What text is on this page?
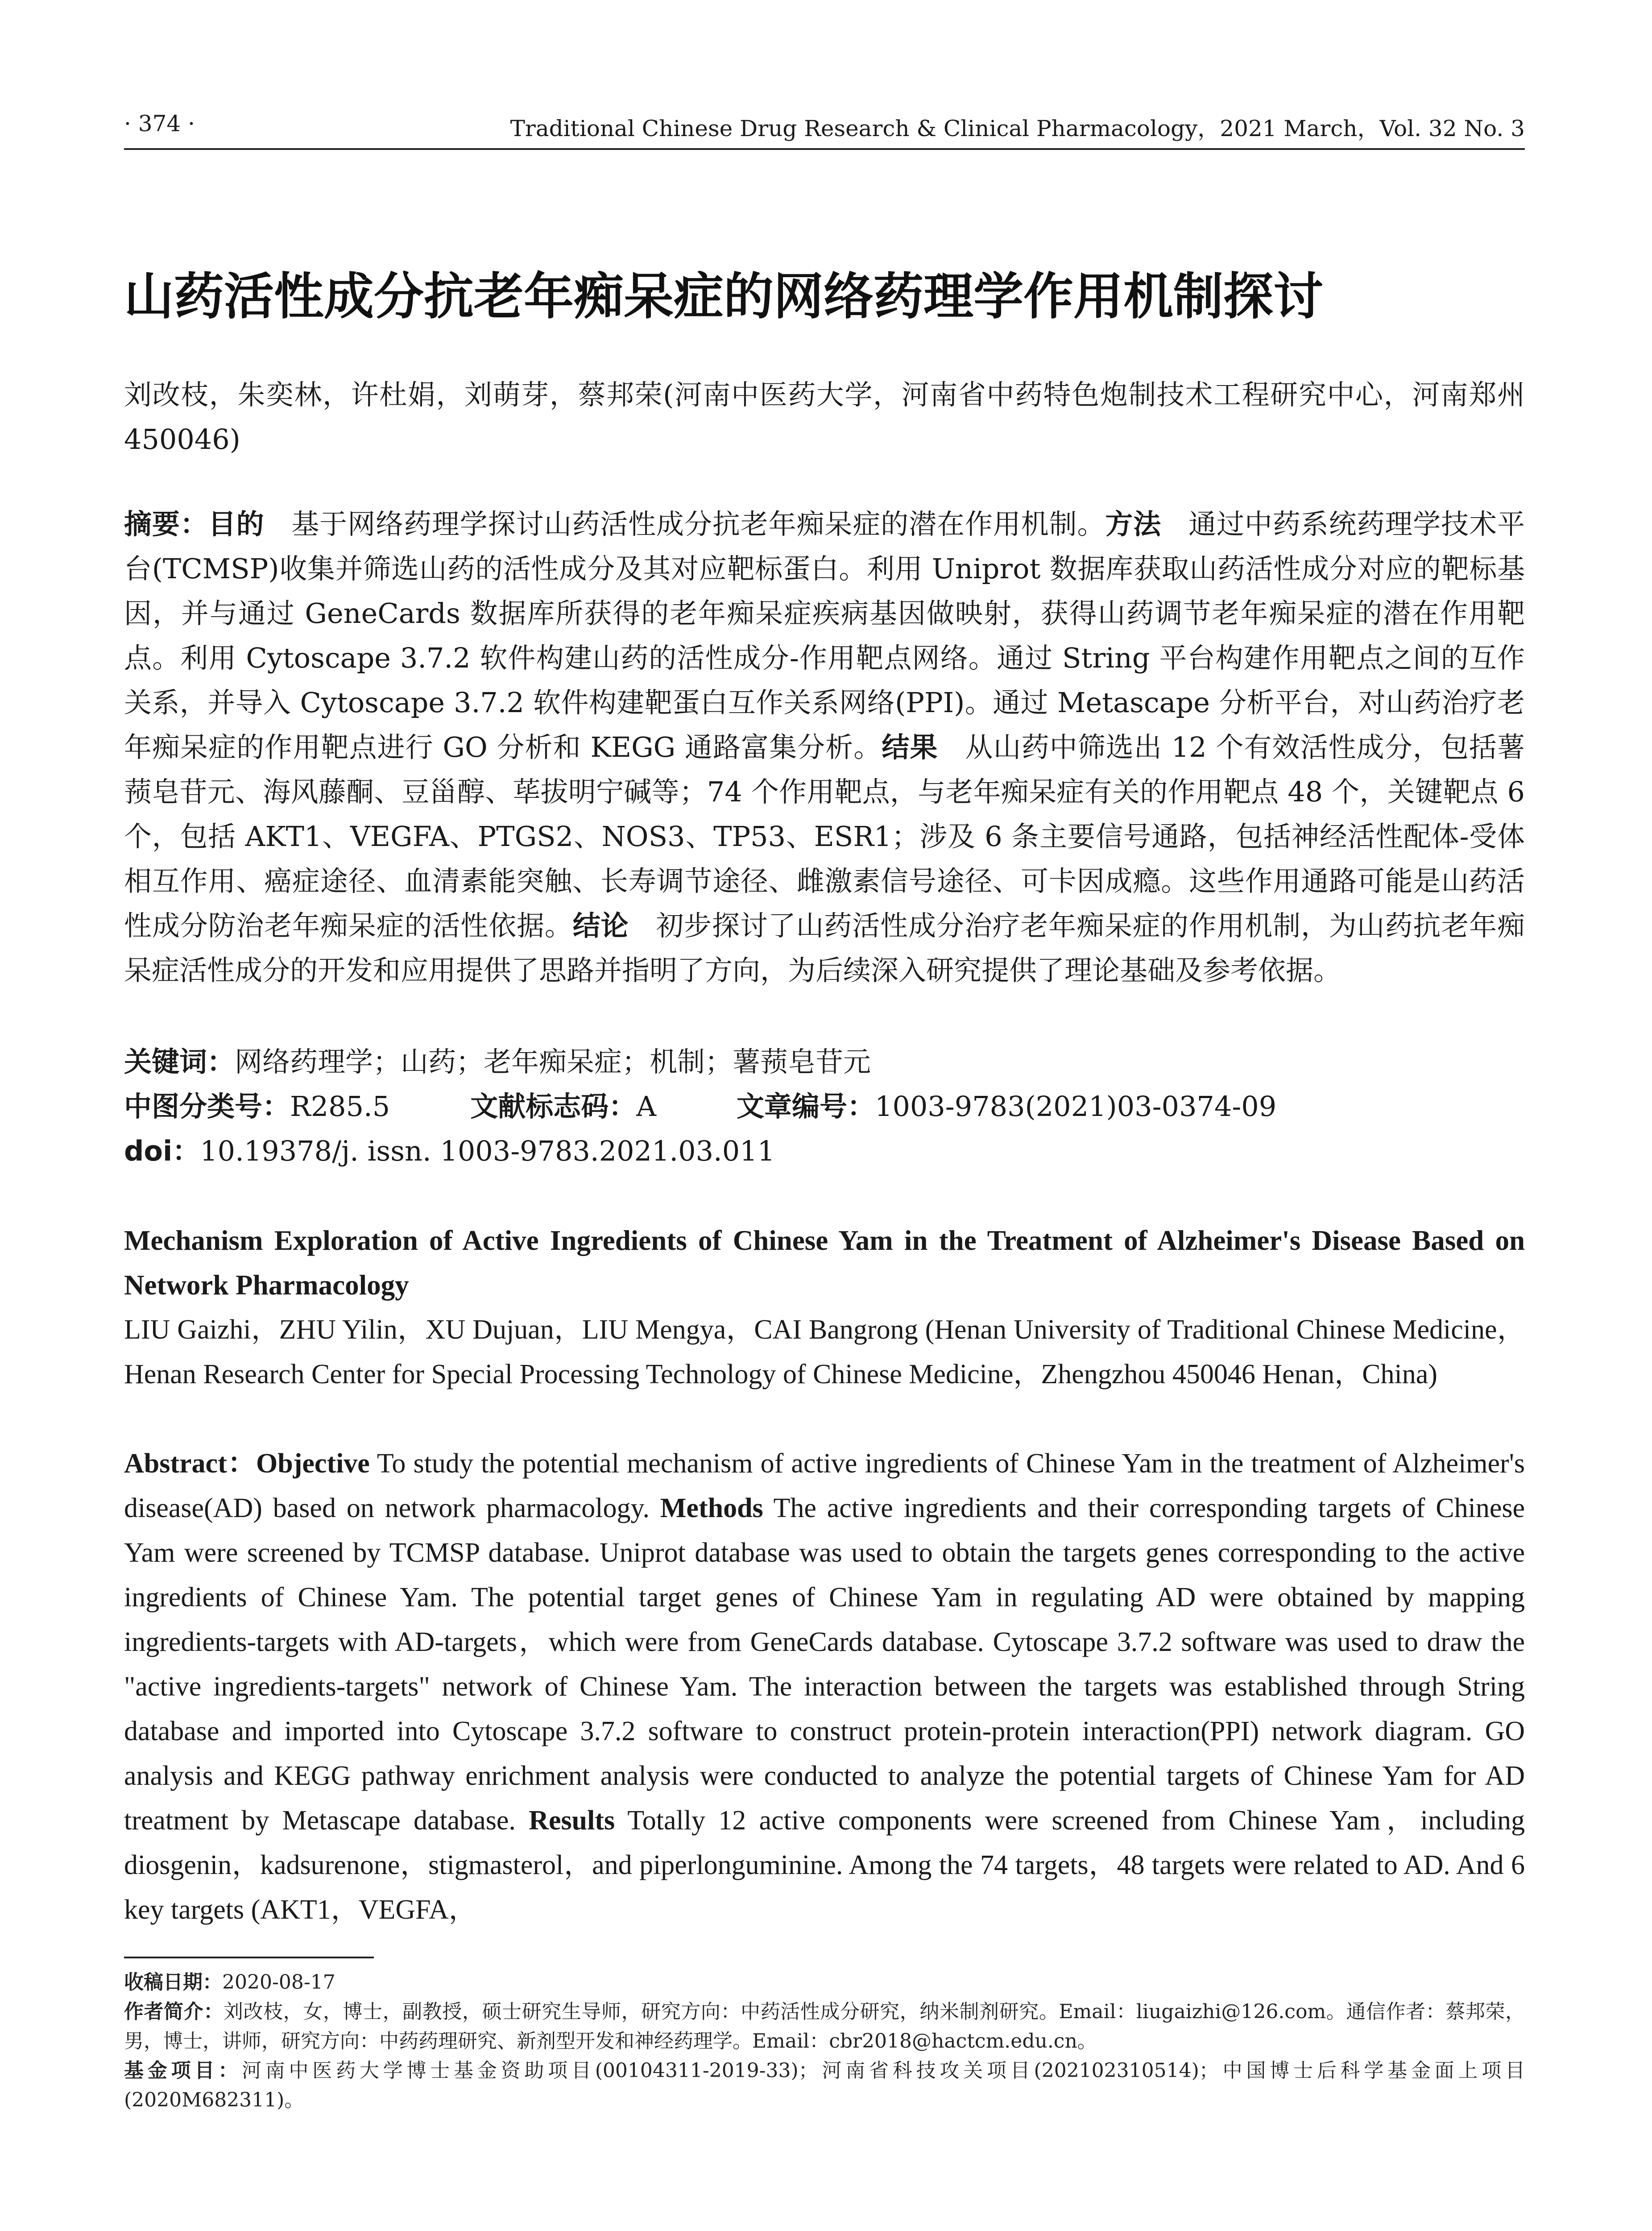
· 374 ·	Traditional Chinese Drug Research & Clinical Pharmacology，2021 March，Vol. 32 No. 3
山药活性成分抗老年痴呆症的网络药理学作用机制探讨
刘改枝，朱奕林，许杜娟，刘萌芽，蔡邦荣(河南中医药大学，河南省中药特色炮制技术工程研究中心，河南郑州 450046)
摘要：目的 基于网络药理学探讨山药活性成分抗老年痴呆症的潜在作用机制。方法 通过中药系统药理学技术平台(TCMSP)收集并筛选山药的活性成分及其对应靶标蛋白。利用 Uniprot 数据库获取山药活性成分对应的靶标基因，并与通过 GeneCards 数据库所获得的老年痴呆症疾病基因做映射，获得山药调节老年痴呆症的潜在作用靶点。利用 Cytoscape 3.7.2 软件构建山药的活性成分-作用靶点网络。通过 String 平台构建作用靶点之间的互作关系，并导入 Cytoscape 3.7.2 软件构建靶蛋白互作关系网络(PPI)。通过 Metascape 分析平台，对山药治疗老年痴呆症的作用靶点进行 GO 分析和 KEGG 通路富集分析。结果 从山药中筛选出 12 个有效活性成分，包括薯蓣皂苷元、海风藤酮、豆甾醇、荜拔明宁碱等；74 个作用靶点，与老年痴呆症有关的作用靶点 48 个，关键靶点 6 个，包括 AKT1、VEGFA、PTGS2、NOS3、TP53、ESR1；涉及 6 条主要信号通路，包括神经活性配体-受体相互作用、癌症途径、血清素能突触、长寿调节途径、雌激素信号途径、可卡因成瘾。这些作用通路可能是山药活性成分防治老年痴呆症的活性依据。结论 初步探讨了山药活性成分治疗老年痴呆症的作用机制，为山药抗老年痴呆症活性成分的开发和应用提供了思路并指明了方向，为后续深入研究提供了理论基础及参考依据。
关键词：网络药理学；山药；老年痴呆症；机制；薯蓣皂苷元
中图分类号：R285.5	文献标志码：A	文章编号：1003-9783(2021)03-0374-09
doi：10.19378/j. issn. 1003-9783.2021.03.011
Mechanism Exploration of Active Ingredients of Chinese Yam in the Treatment of Alzheimer's Disease Based on Network Pharmacology
LIU Gaizhi，ZHU Yilin，XU Dujuan，LIU Mengya，CAI Bangrong (Henan University of Traditional Chinese Medicine，Henan Research Center for Special Processing Technology of Chinese Medicine，Zhengzhou 450046 Henan，China)
Abstract：Objective To study the potential mechanism of active ingredients of Chinese Yam in the treatment of Alzheimer's disease(AD) based on network pharmacology. Methods The active ingredients and their corresponding targets of Chinese Yam were screened by TCMSP database. Uniprot database was used to obtain the targets genes corresponding to the active ingredients of Chinese Yam. The potential target genes of Chinese Yam in regulating AD were obtained by mapping ingredients-targets with AD-targets，which were from GeneCards database. Cytoscape 3.7.2 software was used to draw the "active ingredients-targets" network of Chinese Yam. The interaction between the targets was established through String database and imported into Cytoscape 3.7.2 software to construct protein-protein interaction(PPI) network diagram. GO analysis and KEGG pathway enrichment analysis were conducted to analyze the potential targets of Chinese Yam for AD treatment by Metascape database. Results Totally 12 active components were screened from Chinese Yam，including diosgenin，kadsurenone，stigmasterol，and piperlonguminine. Among the 74 targets，48 targets were related to AD. And 6 key targets (AKT1，VEGFA，

收稿日期：2020-08-17

作者简介：刘改枝，女，博士，副教授，硕士研究生导师，研究方向：中药活性成分研究，纳米制剂研究。Email：liugaizhi@126.com。通信作者：蔡邦荣，男，博士，讲师，研究方向：中药药理研究、新剂型开发和神经药理学。Email：cbr2018@hactcm.edu.cn。

基金项目：河南中医药大学博士基金资助项目(00104311-2019-33)；河南省科技攻关项目(202102310514)；中国博士后科学基金面上项目(2020M682311)。
